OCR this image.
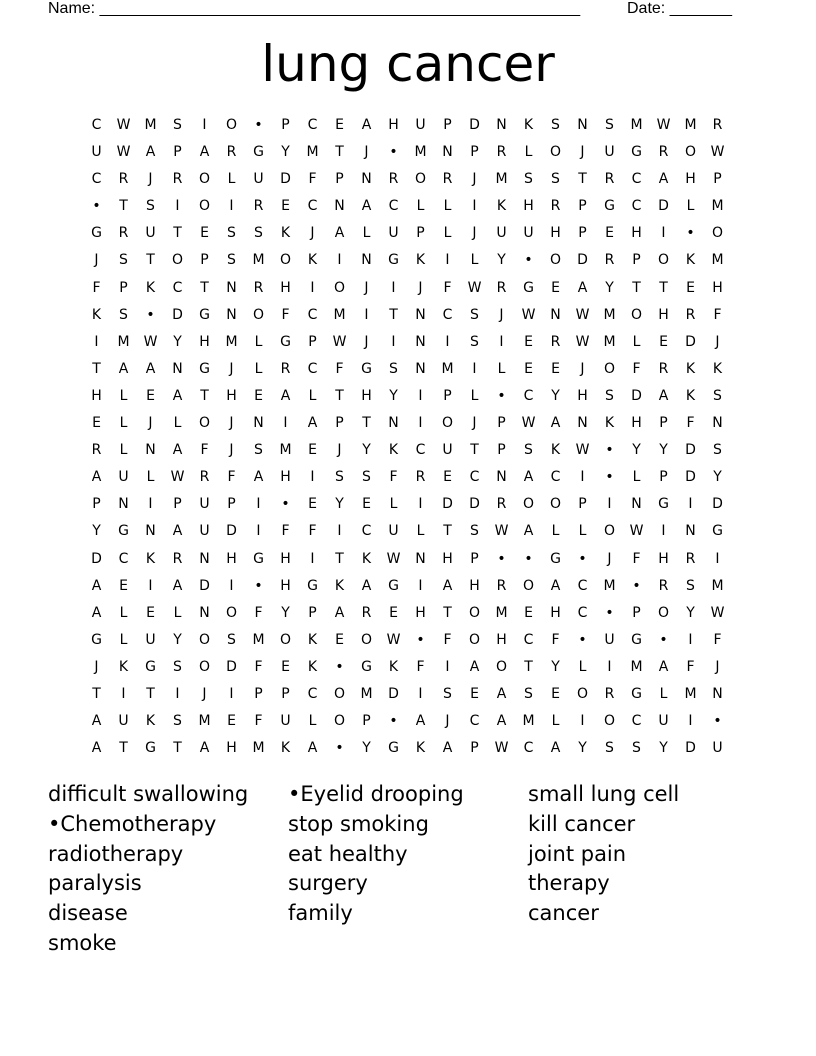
Name: ______________________________________________________	Date: _______
lung cancer
C	W	M	S	I	O	•	P	C	E	A	H	U	P	D	N	K	S	N	S	M	W	M	R
U	W	A	P	A	R	G	Y	M	T	J	•	M	N	P	R	L	O	J	U	G	R	O	W
C	R	J	R	O	L	U	D	F	P	N	R	O	R	J	M	S	S	T	R	C	A	H	P
•	T	S	I	O	I	R	E	C	N	A	C	L	L	I	K	H	R	P	G	C	D	L	M
G	R	U	T	E	S	S	K	J	A	L	U	P	L	J	U	U	H	P	E	H	I	•	O
J	S	T	O	P	S	M	O	K	I	N	G	K	I	L	Y	•	O	D	R	P	O	K	M
F	P	K	C	T	N	R	H	I	O	J	I	J	F	W	R	G	E	A	Y	T	T	E	H
K	S	•	D	G	N	O	F	C	M	I	T	N	C	S	J	W	N	W	M	O	H	R	F
I	M	W	Y	H	M	L	G	P	W	J	I	N	I	S	I	E	R	W	M	L	E	D	J
T	A	A	N	G	J	L	R	C	F	G	S	N	M	I	L	E	E	J	O	F	R	K	K
H	L	E	A	T	H	E	A	L	T	H	Y	I	P	L	•	C	Y	H	S	D	A	K	S
E	L	J	L	O	J	N	I	A	P	T	N	I	O	J	P	W	A	N	K	H	P	F	N
R	L	N	A	F	J	S	M	E	J	Y	K	C	U	T	P	S	K	W	•	Y	Y	D	S
A	U	L	W	R	F	A	H	I	S	S	F	R	E	C	N	A	C	I	•	L	P	D	Y
P	N	I	P	U	P	I	•	E	Y	E	L	I	D	D	R	O	O	P	I	N	G	I	D
Y	G	N	A	U	D	I	F	F	I	C	U	L	T	S	W	A	L	L	O	W	I	N	G
D	C	K	R	N	H	G	H	I	T	K	W	N	H	P	•	•	G	•	J	F	H	R	I
A	E	I	A	D	I	•	H	G	K	A	G	I	A	H	R	O	A	C	M	•	R	S	M
A	L	E	L	N	O	F	Y	P	A	R	E	H	T	O	M	E	H	C	•	P	O	Y	W
G	L	U	Y	O	S	M	O	K	E	O	W	•	F	O	H	C	F	•	U	G	•	I	F
J	K	G	S	O	D	F	E	K	•	G	K	F	I	A	O	T	Y	L	I	M	A	F	J
T	I	T	I	J	I	P	P	C	O	M	D	I	S	E	A	S	E	O	R	G	L	M	N
A	U	K	S	M	E	F	U	L	O	P	•	A	J	C	A	M	L	I	O	C	U	I	•
A	T	G	T	A	H	M	K	A	•	Y	G	K	A	P	W	C	A	Y	S	S	Y	D	U
difficult swallowing	•Eyelid drooping	small lung cell
•Chemotherapy	stop smoking	kill cancer
radiotherapy	eat healthy	joint pain
paralysis	surgery	therapy
disease	family	cancer
smoke
